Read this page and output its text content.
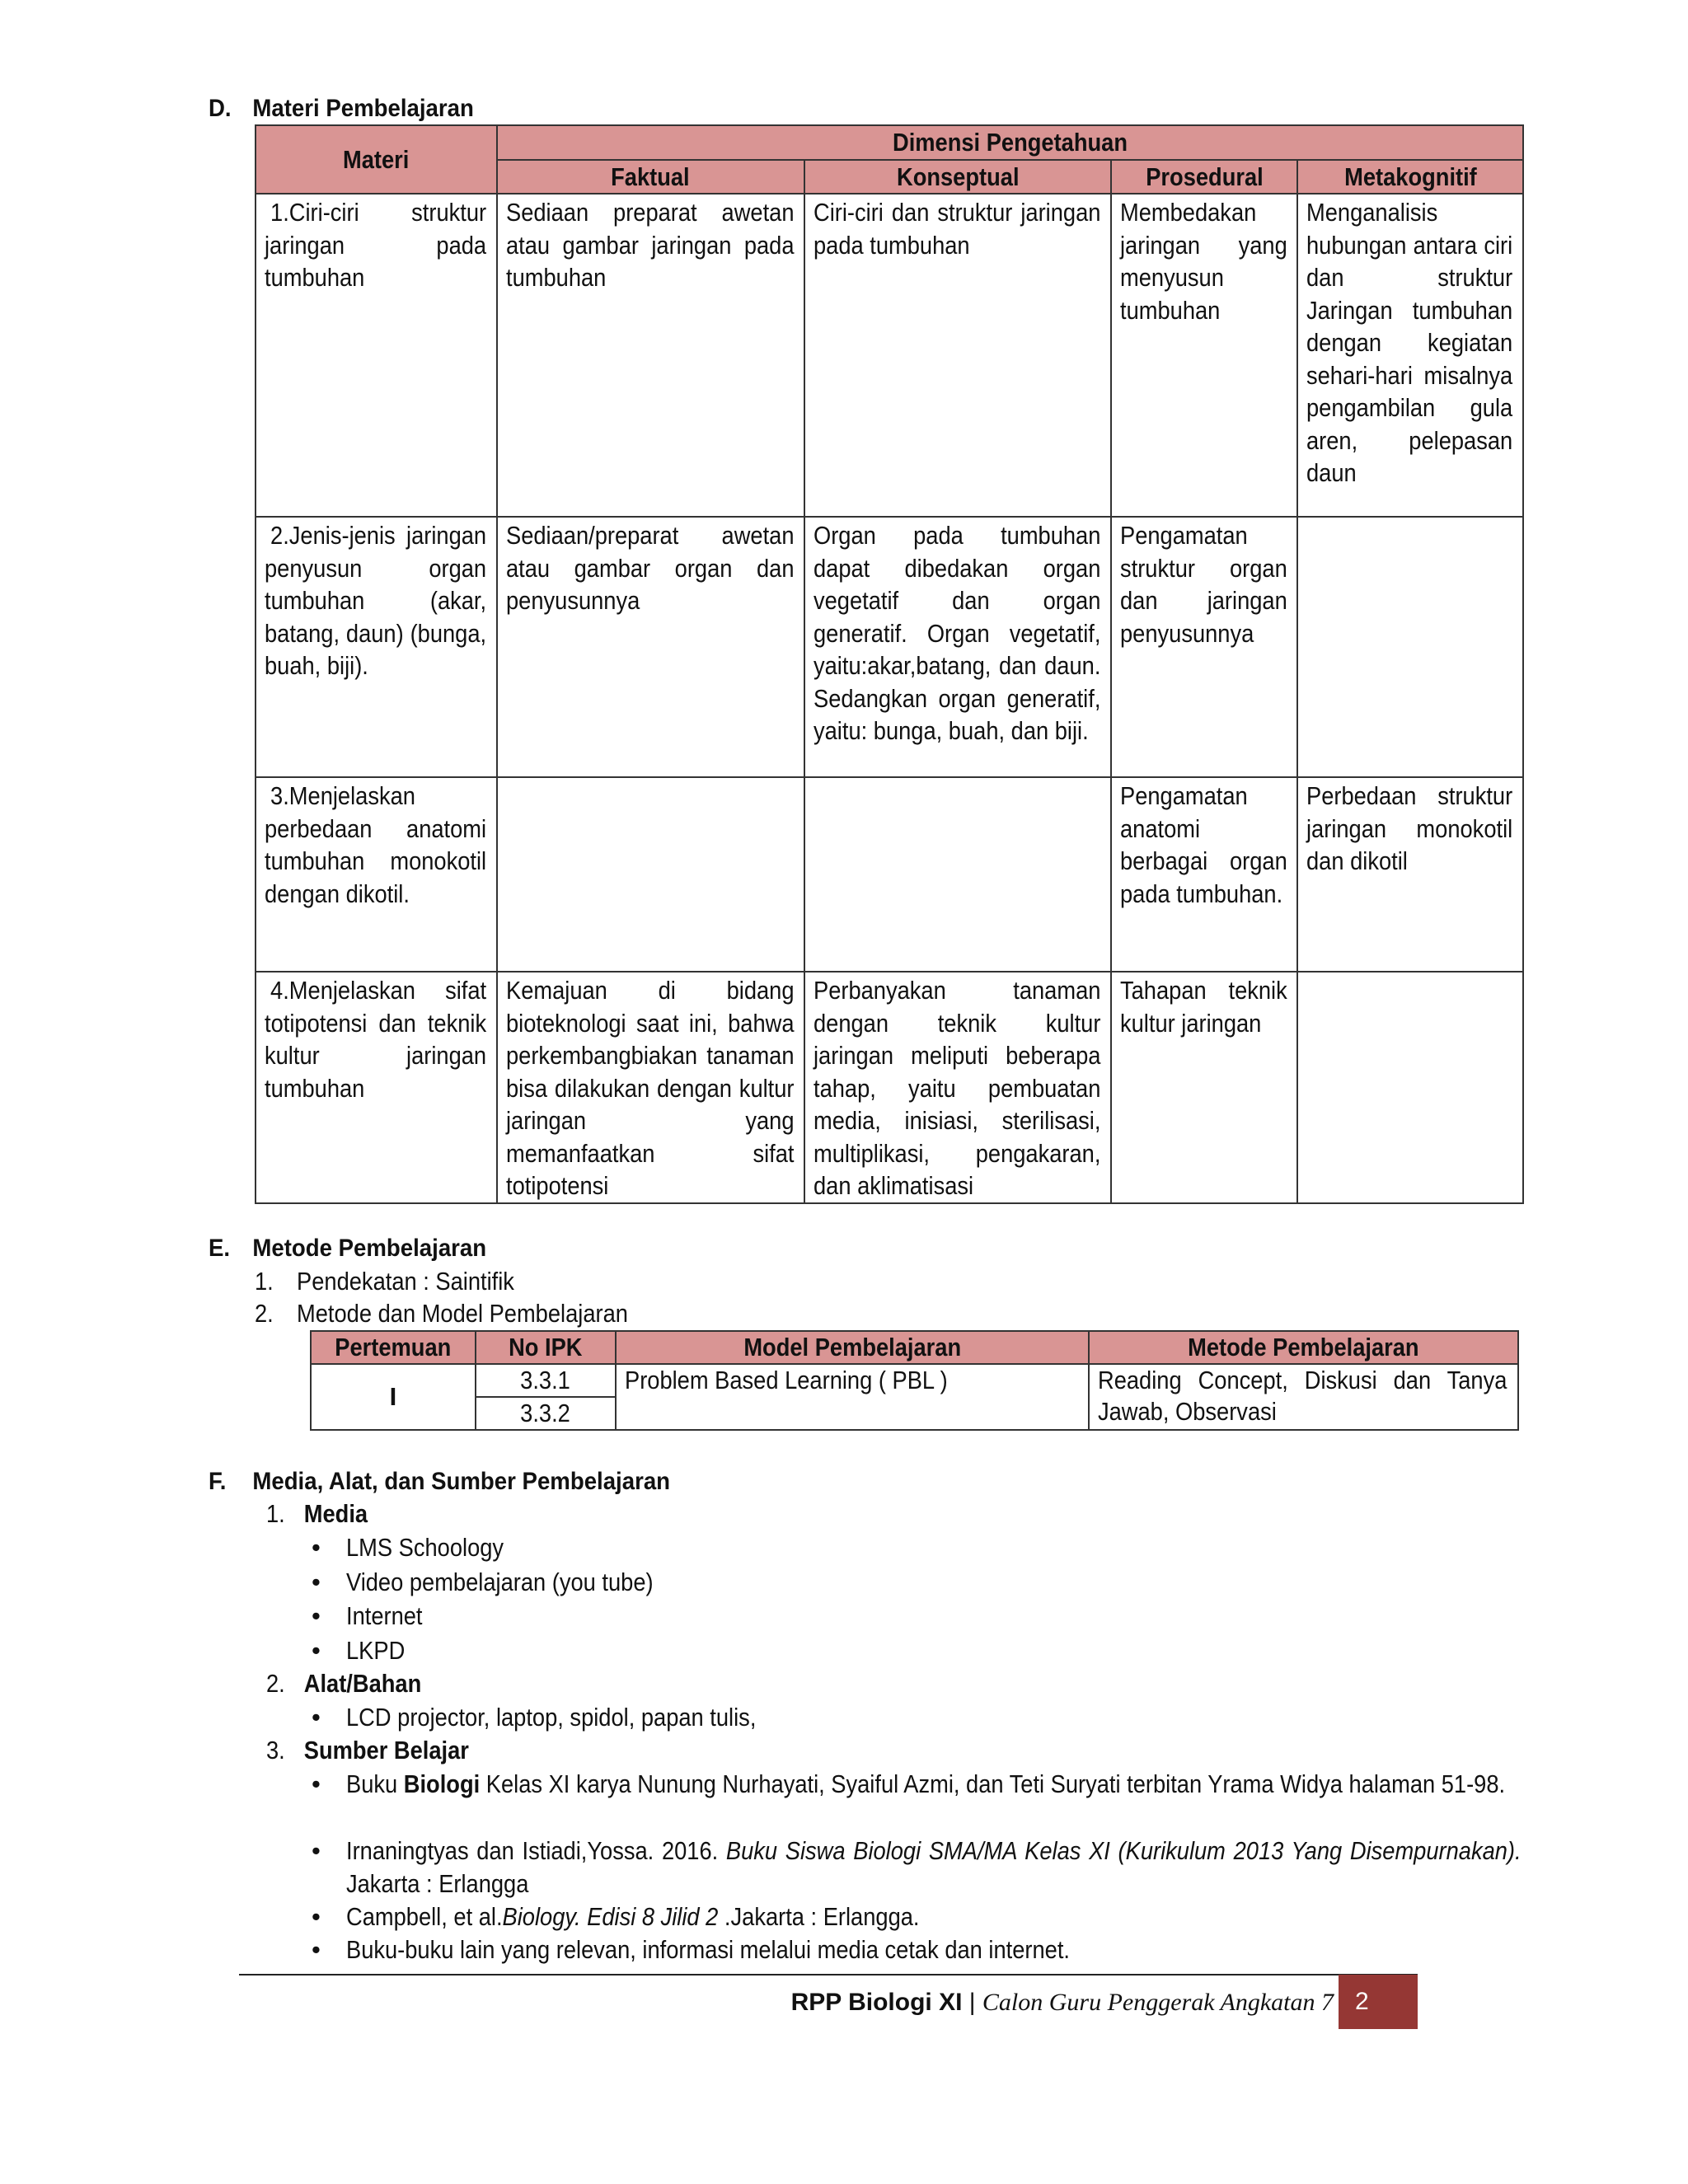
D. Materi Pembelajaran
Materi	Dimensi Pengetahuan			

	Faktual	Konseptual	Prosedural	Metakognitif

1.Ciri-ciri struktur jaringan pada tumbuhan	Sediaan preparat awetan atau gambar jaringan pada tumbuhan	Ciri-ciri dan struktur jaringan pada tumbuhan	Membedakan jaringan yang menyusun tumbuhan	Menganalisis hubungan antara ciri dan struktur Jaringan tumbuhan dengan kegiatan sehari-hari misalnya pengambilan gula aren, pelepasan daun

2.Jenis-jenis jaringan penyusun organ tumbuhan (akar, batang, daun) (bunga, buah, biji).	Sediaan/preparat awetan atau gambar organ dan penyusunnya	Organ pada tumbuhan dapat dibedakan organ vegetatif dan organ generatif. Organ vegetatif, yaitu:akar,batang, dan daun. Sedangkan organ generatif, yaitu: bunga, buah, dan biji.	Pengamatan struktur organ dan jaringan penyusunnya	

3.Menjelaskan perbedaan anatomi tumbuhan monokotil dengan dikotil.			Pengamatan anatomi berbagai organ pada tumbuhan.	Perbedaan struktur jaringan monokotil dan dikotil

4.Menjelaskan sifat totipotensi dan teknik kultur jaringan tumbuhan	Kemajuan di bidang bioteknologi saat ini, bahwa perkembangbiakan tanaman bisa dilakukan dengan kultur jaringan yang memanfaatkan sifat totipotensi	Perbanyakan tanaman dengan teknik kultur jaringan meliputi beberapa tahap, yaitu pembuatan media, inisiasi, sterilisasi, multiplikasi, pengakaran, dan aklimatisasi	Tahapan teknik kultur jaringan	

E. Metode Pembelajaran
1. Pendekatan : Saintifik
2. Metode dan Model Pembelajaran
Pertemuan	No IPK	Model Pembelajaran	Metode Pembelajaran

I	3.3.1	Problem Based Learning ( PBL )	Reading Concept, Diskusi dan Tanya Jawab, Observasi

	3.3.2		
F. Media, Alat, dan Sumber Pembelajaran
1. Media
• LMS Schoology
• Video pembelajaran (you tube)
• Internet
• LKPD
2. Alat/Bahan
• LCD projector, laptop, spidol, papan tulis,
3. Sumber Belajar
• Buku Biologi Kelas XI karya Nunung Nurhayati, Syaiful Azmi, dan Teti Suryati terbitan Yrama Widya halaman 51-98.
• Irnaningtyas dan Istiadi,Yossa. 2016. Buku Siswa Biologi SMA/MA Kelas XI (Kurikulum 2013 Yang Disempurnakan). Jakarta : Erlangga
• Campbell, et al.Biology. Edisi 8 Jilid 2 .Jakarta : Erlangga.
• Buku-buku lain yang relevan, informasi melalui media cetak dan internet.
RPP Biologi XI | Calon Guru Penggerak Angkatan 7 2
